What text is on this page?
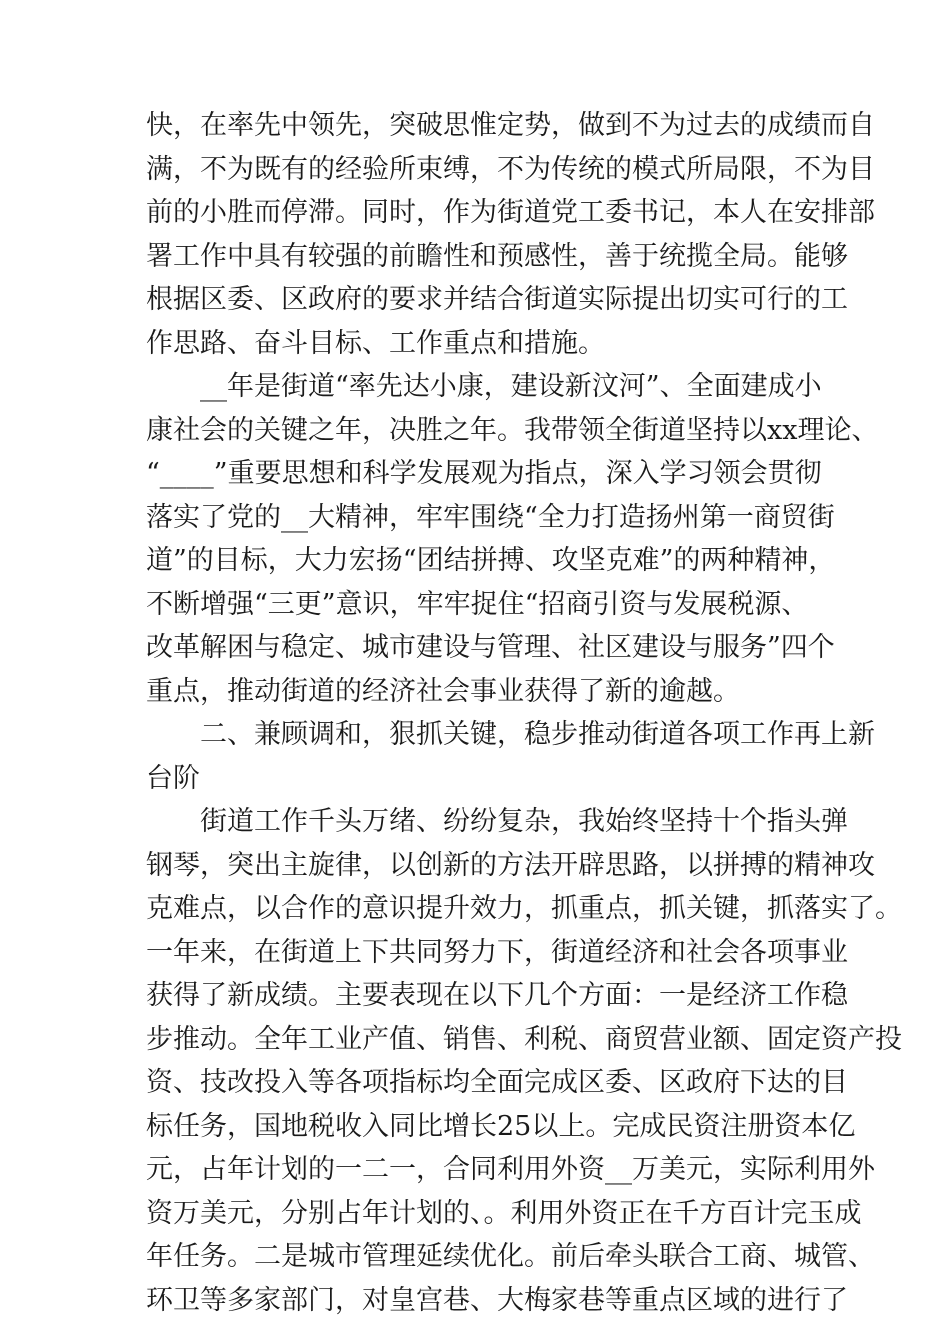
快，在率先中领先，突破思惟定势，做到不为过去的成绩而自
满，不为既有的经验所束缚，不为传统的模式所局限，不为目
前的小胜而停滞。同时，作为街道党工委书记，本人在安排部
署工作中具有较强的前瞻性和预感性，善于统揽全局。能够
根据区委、区政府的要求并结合街道实际提出切实可行的工
作思路、奋斗目标、工作重点和措施。
__年是街道“率先达小康，建设新汶河”、全面建成小
康社会的关键之年，决胜之年。我带领全街道坚持以xx理论、
“____”重要思想和科学发展观为指点，深入学习领会贯彻
落实了党的__大精神，牢牢围绕“全力打造扬州第一商贸街
道”的目标，大力宏扬“团结拼搏、攻坚克难”的两种精神，
不断增强“三更”意识，牢牢捉住“招商引资与发展税源、
改革解困与稳定、城市建设与管理、社区建设与服务”四个
重点，推动街道的经济社会事业获得了新的逾越。
二、兼顾调和，狠抓关键，稳步推动街道各项工作再上新
台阶
街道工作千头万绪、纷纷复杂，我始终坚持十个指头弹
钢琴，突出主旋律，以创新的方法开辟思路，以拼搏的精神攻
克难点，以合作的意识提升效力，抓重点，抓关键，抓落实了。
一年来，在街道上下共同努力下，街道经济和社会各项事业
获得了新成绩。主要表现在以下几个方面：一是经济工作稳
步推动。全年工业产值、销售、利税、商贸营业额、固定资产投
资、技改投入等各项指标均全面完成区委、区政府下达的目
标任务，国地税收入同比增长25以上。完成民资注册资本亿
元，占年计划的一二一，合同利用外资__万美元，实际利用外
资万美元，分别占年计划的、。利用外资正在千方百计完玉成
年任务。二是城市管理延续优化。前后牵头联合工商、城管、
环卫等多家部门，对皇宫巷、大梅家巷等重点区域的进行了
